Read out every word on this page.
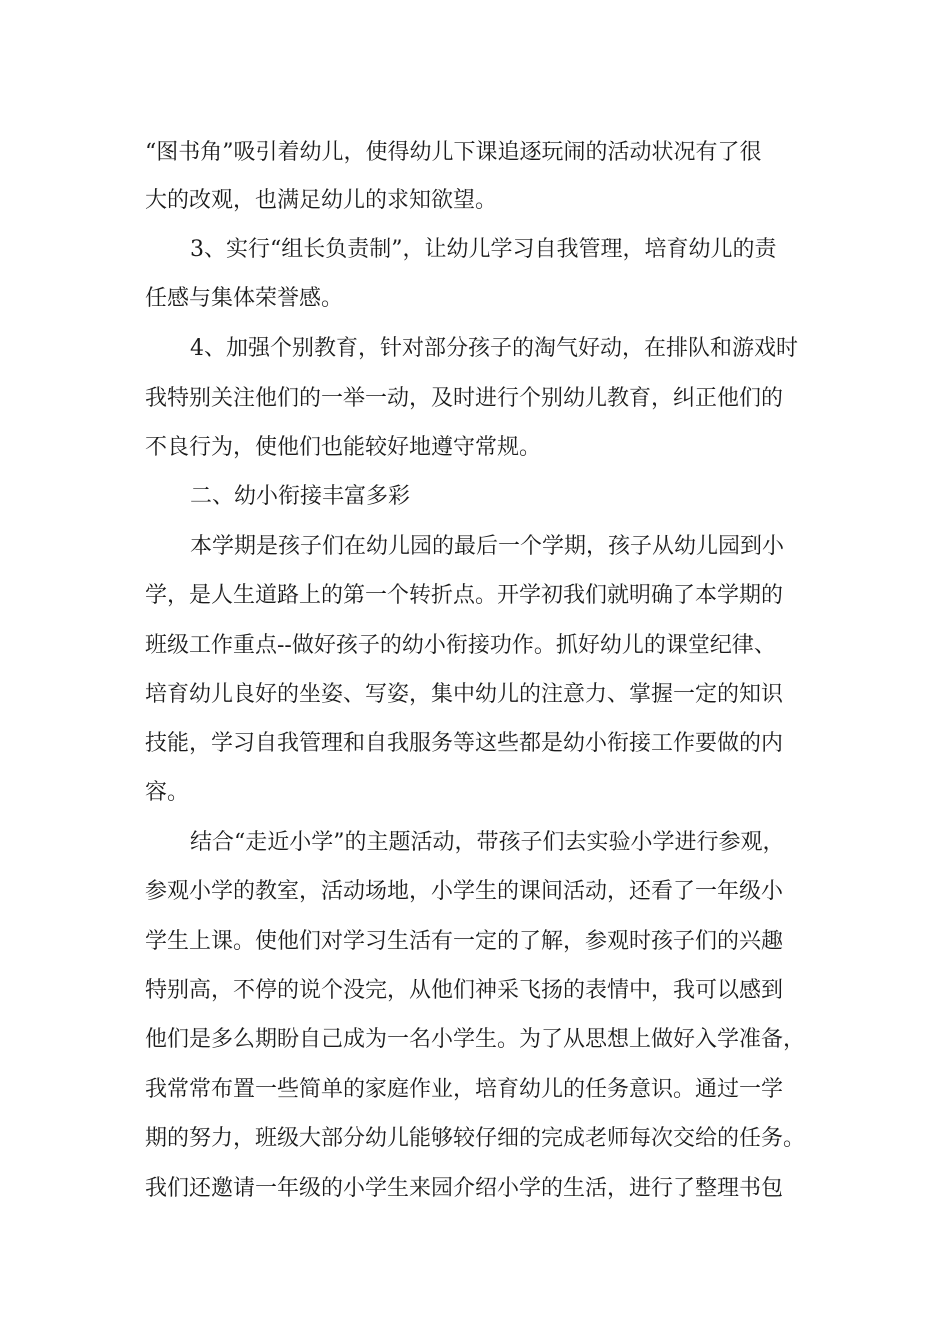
“图书角”吸引着幼儿，使得幼儿下课追逐玩闹的活动状况有了很

大的改观，也满足幼儿的求知欲望。

3、实行“组长负责制”，让幼儿学习自我管理，培育幼儿的责

任感与集体荣誉感。

4、加强个别教育，针对部分孩子的淘气好动，在排队和游戏时

我特别关注他们的一举一动，及时进行个别幼儿教育，纠正他们的

不良行为，使他们也能较好地遵守常规。

二、幼小衔接丰富多彩

本学期是孩子们在幼儿园的最后一个学期，孩子从幼儿园到小

学，是人生道路上的第一个转折点。开学初我们就明确了本学期的

班级工作重点--做好孩子的幼小衔接功作。抓好幼儿的课堂纪律、

培育幼儿良好的坐姿、写姿，集中幼儿的注意力、掌握一定的知识

技能，学习自我管理和自我服务等这些都是幼小衔接工作要做的内

容。

结合“走近小学”的主题活动，带孩子们去实验小学进行参观，

参观小学的教室，活动场地，小学生的课间活动，还看了一年级小

学生上课。使他们对学习生活有一定的了解，参观时孩子们的兴趣

特别高，不停的说个没完，从他们神采飞扬的表情中，我可以感到

他们是多么期盼自己成为一名小学生。为了从思想上做好入学准备，

我常常布置一些简单的家庭作业，培育幼儿的任务意识。通过一学

期的努力，班级大部分幼儿能够较仔细的完成老师每次交给的任务。

我们还邀请一年级的小学生来园介绍小学的生活，进行了整理书包
